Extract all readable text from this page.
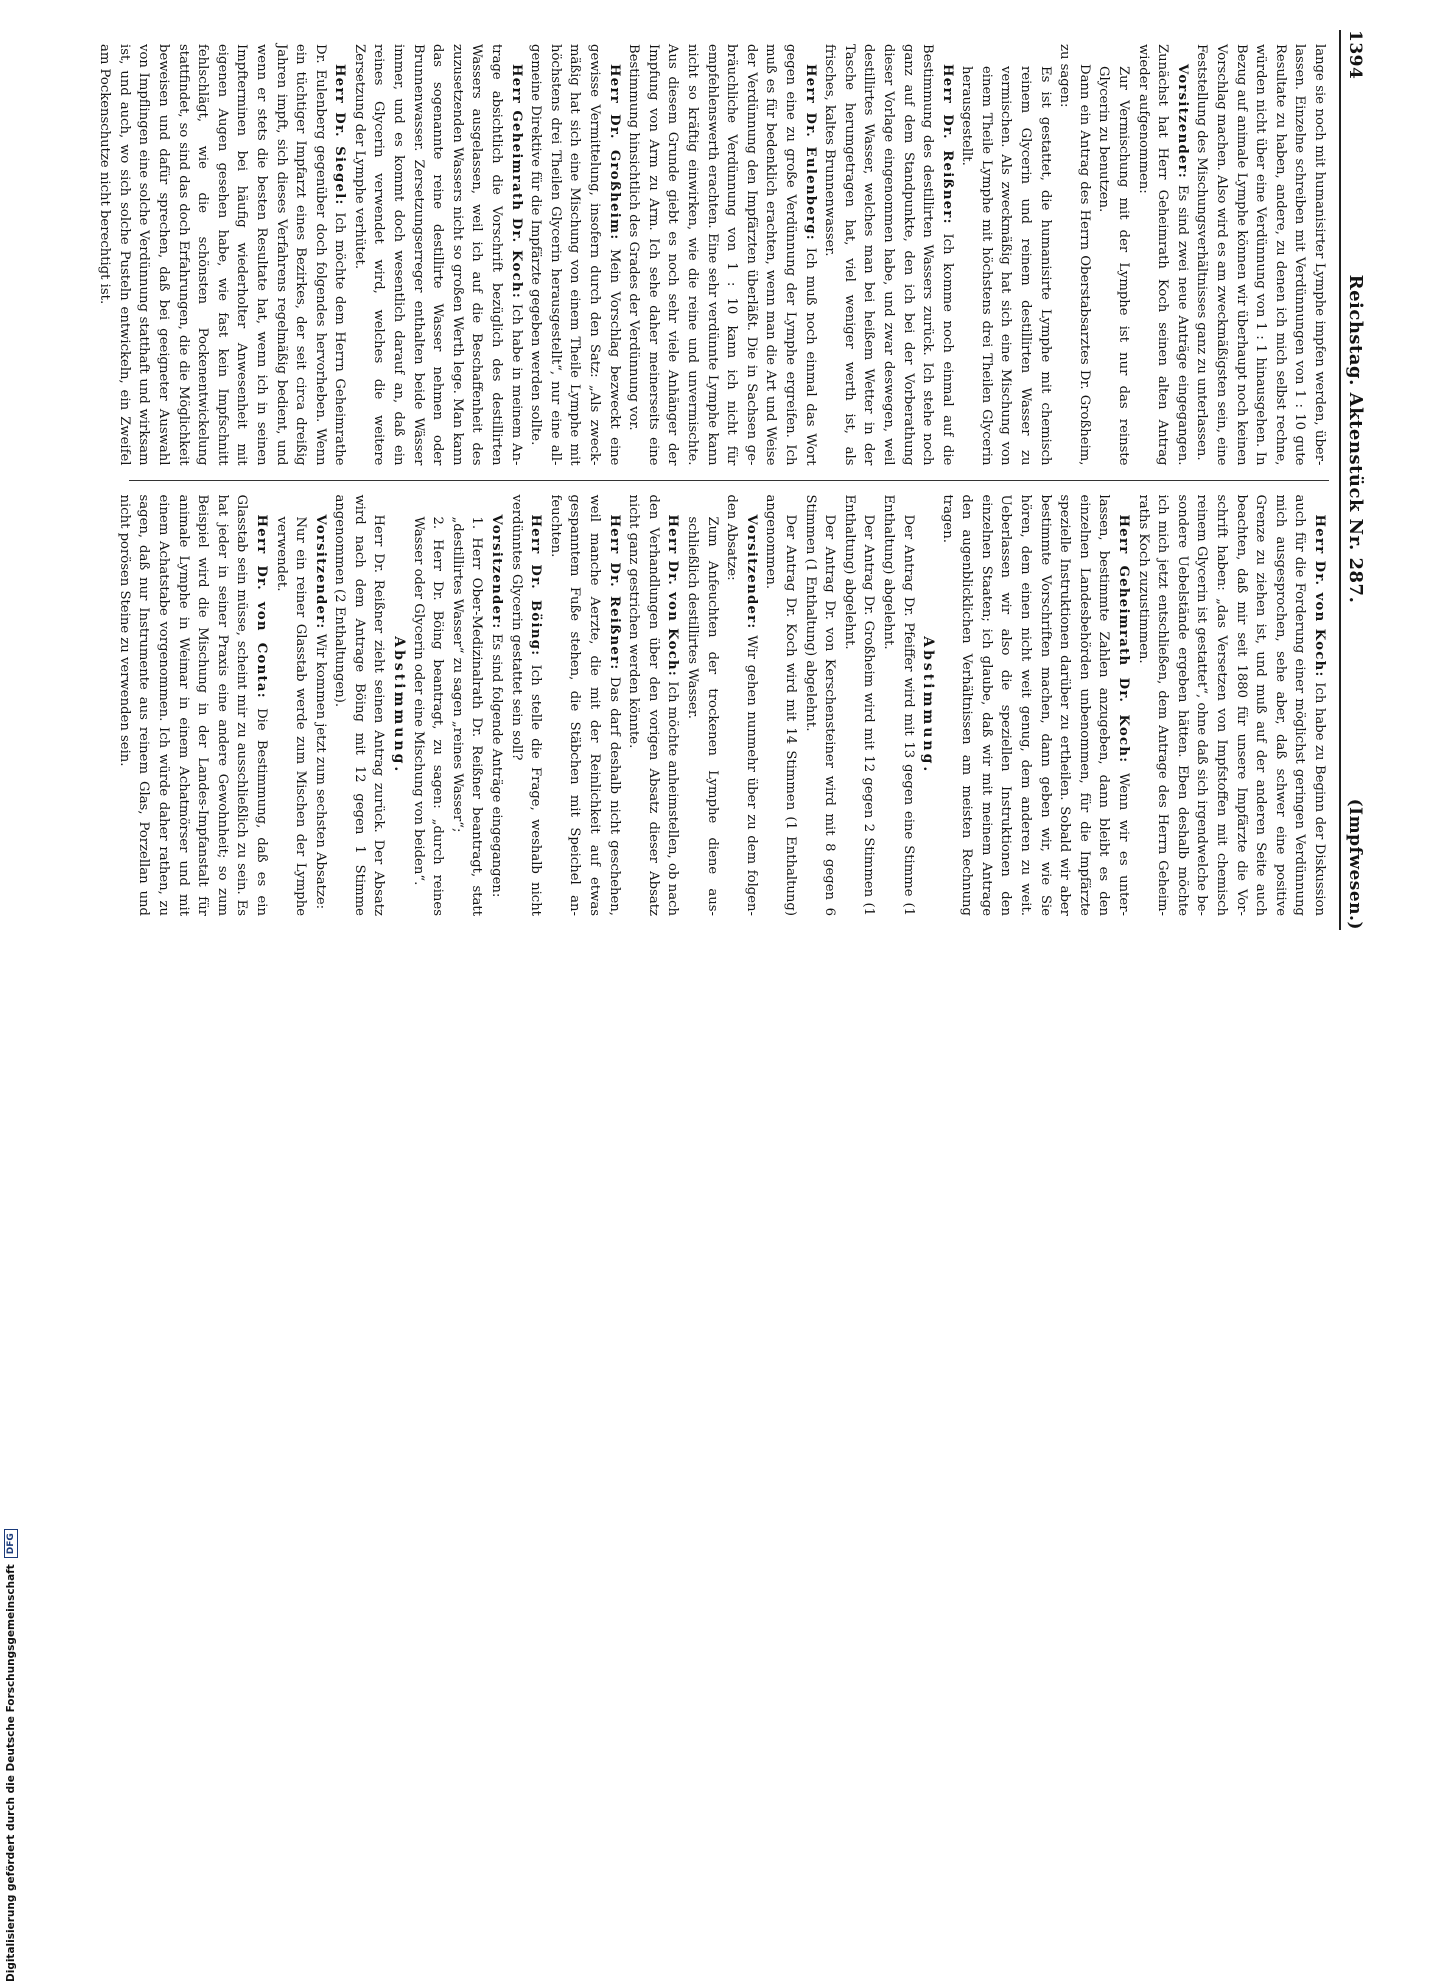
1394
Reichstag. Aktenstück Nr. 287.
(Impfwesen.)

lange sie noch mit humanisirter Lymphe impfen werden, überlassen. Einzelne schreiben mit Verdünnungen von 1 : 10 gute Resultate zu haben, andere, zu denen ich mich selbst rechne, würden nicht über eine Verdünnung von 1 : 1 hinausgehen. In Bezug auf animale Lymphe können wir überhaupt noch keinen Vorschlag machen. Also wird es am zweckmäßigsten sein, eine Feststellung des Mischungsverhältnisses ganz zu unterlassen.

Vorsitzender: Es sind zwei neue Anträge eingegangen. Zunächst hat Herr Geheimrath Koch seinen alten Antrag wieder aufgenommen:

Zur Vermischung mit der Lymphe ist nur das reinste Glycerin zu benutzen.

Dann ein Antrag des Herrn Oberstabsarztes Dr. Großheim, zu sagen:

Es ist gestattet, die humanisirte Lymphe mit chemisch reinem Glycerin und reinem destillirten Wasser zu vermischen. Als zweckmäßig hat sich eine Mischung von einem Theile Lymphe mit höchstens drei Theilen Glycerin herausgestellt.

Herr Dr. Reißner: Ich komme noch einmal auf die Bestimmung des destillirten Wassers zurück. Ich stehe noch ganz auf dem Standpunkte, den ich bei der Vorberathung dieser Vorlage eingenommen habe, und zwar deswegen, weil destillirtes Wasser, welches man bei heißem Wetter in der Tasche herumgetragen hat, viel weniger werth ist, als frisches, kaltes Brunnenwasser.

Herr Dr. Eulenberg: Ich muß noch einmal das Wort gegen eine zu große Verdünnung der Lymphe ergreifen. Ich muß es für bedenklich erachten, wenn man die Art und Weise der Verdünnung den Impfärzten überläßt. Die in Sachsen gebräuchliche Verdünnung von 1 : 10 kann ich nicht für empfehlenswerth erachten. Eine sehr verdünnte Lymphe kann nicht so kräftig einwirken, wie die reine und unvermischte. Aus diesem Grunde giebt es noch sehr viele Anhänger der Impfung von Arm zu Arm. Ich sehe daher meinerseits eine Bestimmung hinsichtlich des Grades der Verdünnung vor.

Herr Dr. Großheim: Mein Vorschlag bezweckt eine gewisse Vermittelung, insofern durch den Satz: „Als zweckmäßig hat sich eine Mischung von einem Theile Lymphe mit höchstens drei Theilen Glycerin herausgestellt“, nur eine allgemeine Direktive für die Impfärzte gegeben werden sollte.

Herr Geheimrath Dr. Koch: Ich habe in meinem Antrage absichtlich die Vorschrift bezüglich des destillirten Wassers ausgelassen, weil ich auf die Beschaffenheit des zuzusetzenden Wassers nicht so großen Werth lege. Man kann das sogenannte reine destillirte Wasser nehmen oder Brunnenwasser. Zersetzungserreger enthalten beide Wässer immer, und es kommt doch wesentlich darauf an, daß ein reines Glycerin verwendet wird, welches die weitere Zersetzung der Lymphe verhütet.

Herr Dr. Siegel: Ich möchte dem Herrn Geheimrathe Dr. Eulenberg gegenüber doch folgendes hervorheben. Wenn ein tüchtiger Impfarzt eines Bezirkes, der seit circa dreißig Jahren impft, sich dieses Verfahrens regelmäßig bedient, und wenn er stets die besten Resultate hat, wenn ich in seinen Impfterminen bei häufig wiederholter Anwesenheit mit eigenen Augen gesehen habe, wie fast kein Impfschnitt fehlschlägt, wie die schönsten Pockenentwickelung stattfindet, so sind das doch Erfahrungen, die die Möglichkeit beweisen und dafür sprechen, daß bei geeigneter Auswahl von Impflingen eine solche Verdünnung statthaft und wirksam ist, und auch, wo sich solche Pusteln entwickeln, ein Zweifel am Pockenschutze nicht berechtigt ist.

Herr Dr. von Koch: Ich habe zu Beginn der Diskussion auch für die Forderung einer möglichst geringen Verdünnung mich ausgesprochen, sehe aber, daß schwer eine positive Grenze zu ziehen ist, und muß auf der anderen Seite auch beachten, daß mir seit 1880 für unsere Impfärzte die Vorschrift haben: „das Versetzen von Impfstoffen mit chemisch reinem Glycerin ist gestattet“, ohne daß sich irgendwelche besondere Uebelstände ergeben hätten. Eben deshalb möchte ich mich jetzt entschließen, dem Antrage des Herrn Geheimraths Koch zuzustimmen.

Herr Geheimrath Dr. Koch: Wenn wir es unterlassen, bestimmte Zahlen anzugeben, dann bleibt es den einzelnen Landesbehörden unbenommen, für die Impfärzte spezielle Instruktionen darüber zu ertheilen. Sobald wir aber bestimmte Vorschriften machen, dann geben wir, wie Sie hören, dem einen nicht weit genug, dem anderen zu weit. Ueberlassen wir also die speziellen Instruktionen den einzelnen Staaten; ich glaube, daß wir mit meinem Antrage den augenblicklichen Verhältnissen am meisten Rechnung tragen.

Abstimmung.

Der Antrag Dr. Pfeiffer wird mit 13 gegen eine Stimme (1 Enthaltung) abgelehnt.

Der Antrag Dr. Großheim wird mit 12 gegen 2 Stimmen (1 Enthaltung) abgelehnt.

Der Antrag Dr. von Kerschensteiner wird mit 8 gegen 6 Stimmen (1 Enthaltung) abgelehnt.

Der Antrag Dr. Koch wird mit 14 Stimmen (1 Enthaltung) angenommen.

Vorsitzender: Wir gehen nunmehr über zu dem folgenden Absatze:

Zum Anfeuchten der trockenen Lymphe diene ausschließlich destillirtes Wasser.

Herr Dr. von Koch: Ich möchte anheimstellen, ob nach den Verhandlungen über den vorigen Absatz dieser Absatz nicht ganz gestrichen werden könnte.

Herr Dr. Reißner: Das darf deshalb nicht geschehen, weil manche Aerzte, die mit der Reinlichkeit auf etwas gespanntem Fuße stehen, die Stäbchen mit Speichel anfeuchten.

Herr Dr. Böing: Ich stelle die Frage, weshalb nicht verdünntes Glycerin gestattet sein soll?

Vorsitzender: Es sind folgende Anträge eingegangen:

1. Herr Ober-Medizinalrath Dr. Reißner beantragt, statt „destillirtes Wasser“ zu sagen „reines Wasser“;

2. Herr Dr. Böing beantragt, zu sagen: „durch reines Wasser oder Glycerin oder eine Mischung von beiden“.

Abstimmung.

Herr Dr. Reißner zieht seinen Antrag zurück. Der Absatz wird nach dem Antrage Böing mit 12 gegen 1 Stimme angenommen (2 Enthaltungen).

Vorsitzender: Wir kommen jetzt zum sechsten Absatze:

Nur ein reiner Glasstab werde zum Mischen der Lymphe verwendet.

Herr Dr. von Conta: Die Bestimmung, daß es ein Glasstab sein müsse, scheint mir zu ausschließlich zu sein. Es hat jeder in seiner Praxis eine andere Gewohnheit; so zum Beispiel wird die Mischung in der Landes-Impfanstalt für animale Lymphe in Weimar in einem Achatmörser und mit einem Achatstabe vorgenommen. Ich würde daher rathen, zu sagen, daß nur Instrumente aus reinem Glas, Porzellan und nicht porösen Steine zu verwenden sein.

Digitalisierung gefördert durch die Deutsche Forschungsgemeinschaft
DFG
